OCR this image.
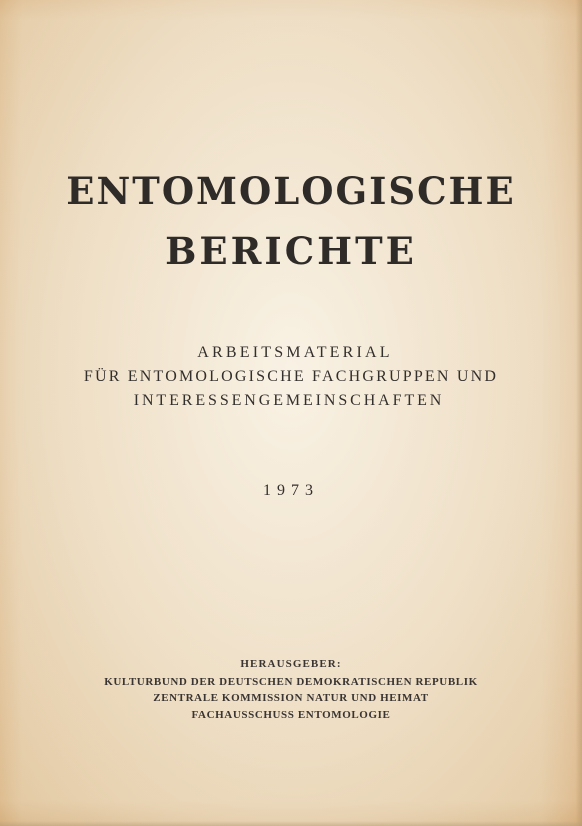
ENTOMOLOGISCHE
BERICHTE
ARBEITSMATERIAL
FÜR ENTOMOLOGISCHE FACHGRUPPEN UND
INTERESSENGEMEINSCHAFTEN
1973
HERAUSGEBER:
KULTURBUND DER DEUTSCHEN DEMOKRATISCHEN REPUBLIK
ZENTRALE KOMMISSION NATUR UND HEIMAT
FACHAUSSCHUSS ENTOMOLOGIE
